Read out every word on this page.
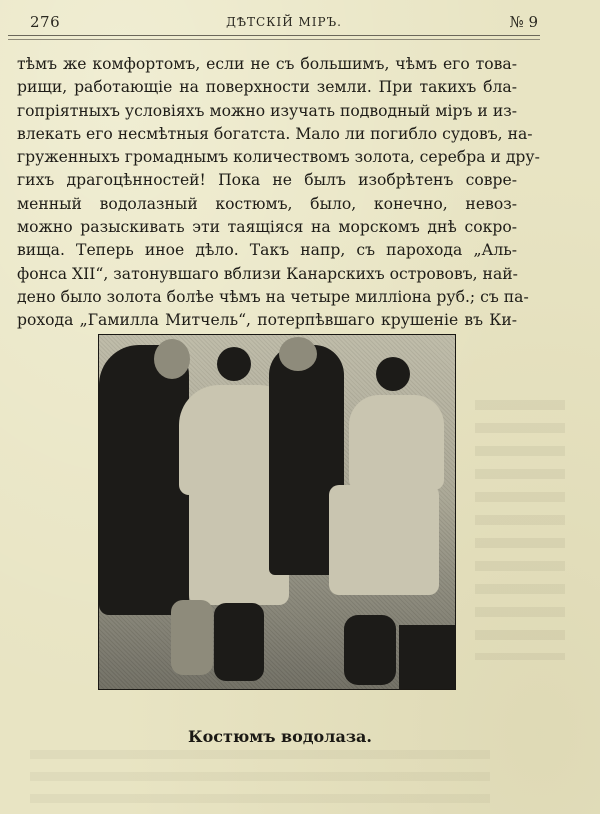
276	ДѢТСКІЙ МІРЪ.	№ 9
тѣмъ же комфортомъ, если не съ большимъ, чѣмъ его това-
рищи, работающіе на поверхности земли. При такихъ бла-
гопріятныхъ условіяхъ можно изучать подводный міръ и из-
влекать его несмѣтныя богатста. Мало ли погибло судовъ, на-
груженныхъ громаднымъ количествомъ золота, серебра и дру-
гихъ драгоцѣнностей! Пока не былъ изобрѣтенъ совре-
менный водолазный костюмъ, было, конечно, невоз-
можно разыскивать эти таящіяся на морскомъ днѣ сокро-
вища. Теперь иное дѣло. Такъ напр, съ парохода „Аль-
фонса XII“, затонувшаго вблизи Канарскихъ острововъ, най-
дено было золота болѣе чѣмъ на четыре милліона руб.; съ па-
рохода „Гамилла Митчель“, потерпѣвшаго крушеніе въ Ки-
Костюмъ водолаза.
